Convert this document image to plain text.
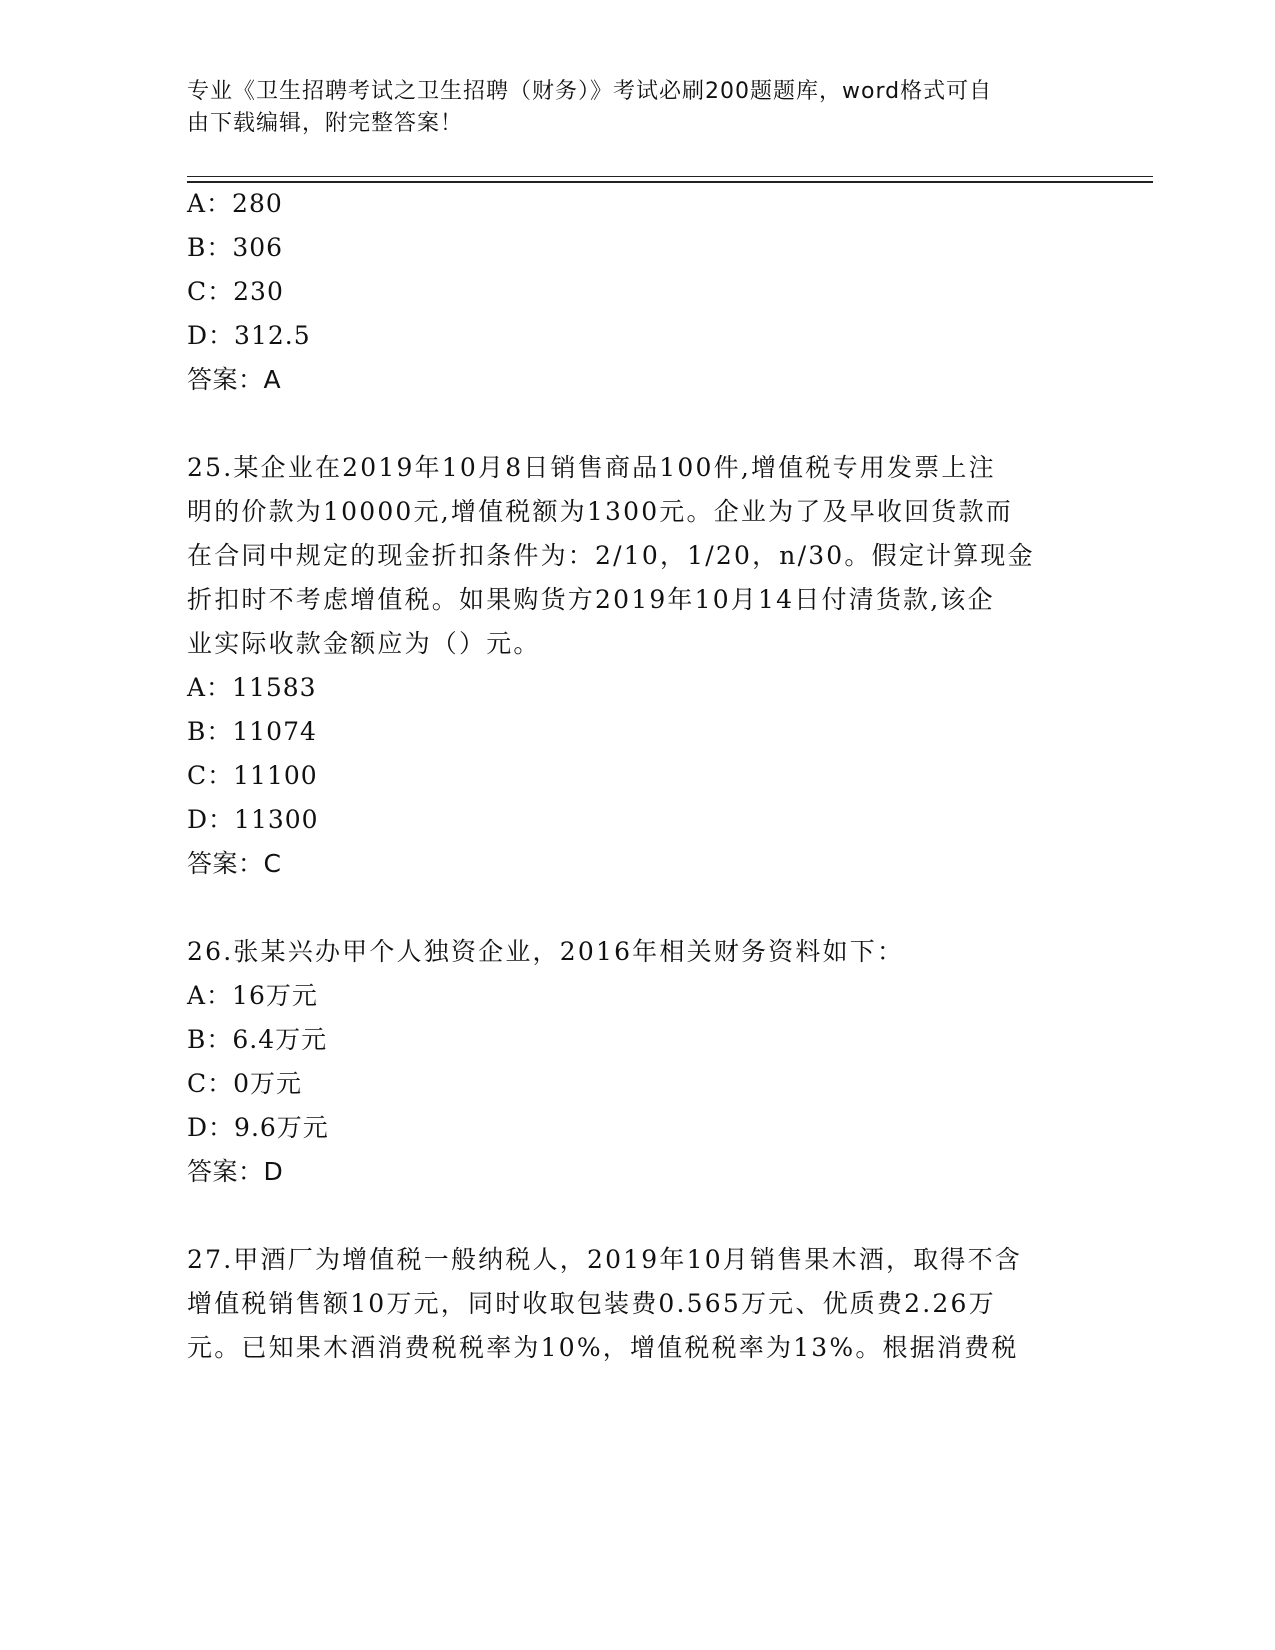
专业《卫生招聘考试之卫生招聘（财务）》考试必刷200题题库，word格式可自
由下载编辑，附完整答案！
A：280
B：306
C：230
D：312.5
答案：A
25.某企业在2019年10月8日销售商品100件,增值税专用发票上注
明的价款为10000元,增值税额为1300元。企业为了及早收回货款而
在合同中规定的现金折扣条件为：2/10，1/20，n/30。假定计算现金
折扣时不考虑增值税。如果购货方2019年10月14日付清货款,该企
业实际收款金额应为（）元。
A：11583
B：11074
C：11100
D：11300
答案：C
26.张某兴办甲个人独资企业，2016年相关财务资料如下：
A：16万元
B：6.4万元
C：0万元
D：9.6万元
答案：D
27.甲酒厂为增值税一般纳税人，2019年10月销售果木酒，取得不含
增值税销售额10万元，同时收取包装费0.565万元、优质费2.26万
元。已知果木酒消费税税率为10%，增值税税率为13%。根据消费税
